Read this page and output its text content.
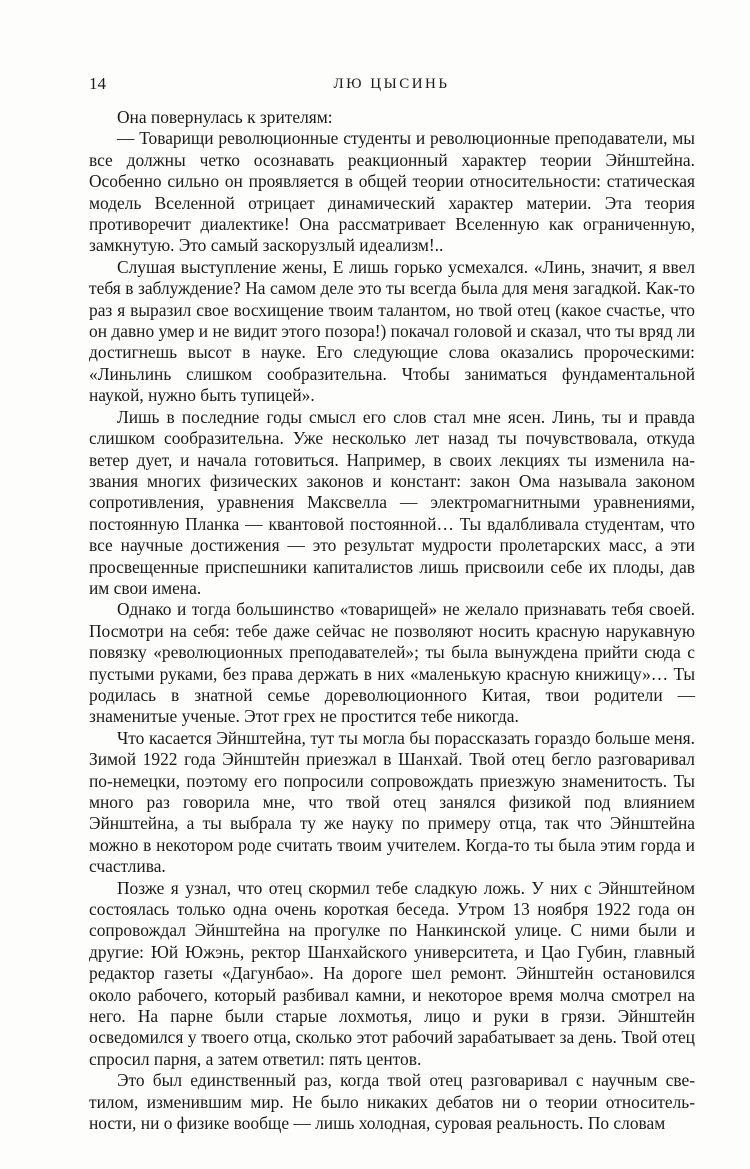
14	ЛЮ ЦЫСИНЬ

Она повернулась к зрителям:

— Товарищи революционные студенты и революционные преподаватели, мы все должны четко осознавать реакционный характер теории Эйнштейна. Особенно сильно он проявляется в общей теории относительности: статическая модель Вселенной отрицает динамический характер материи. Эта теория противоречит диалектике! Она рассматривает Вселенную как ограниченную, замкнутую. Это самый заскорузлый идеализм!..

Слушая выступление жены, Е лишь горько усмехался. «Линь, значит, я ввел тебя в заблуждение? На самом деле это ты всегда была для меня загадкой. Как-то раз я выразил свое восхищение твоим талантом, но твой отец (какое счастье, что он давно умер и не видит этого позора!) покачал головой и сказал, что ты вряд ли достигнешь высот в науке. Его следующие слова оказались пророческими: «Линьлинь слишком сообразительна. Чтобы заниматься фундаментальной наукой, нужно быть тупицей».

Лишь в последние годы смысл его слов стал мне ясен. Линь, ты и правда слишком сообразительна. Уже несколько лет назад ты почувствовала, откуда ветер дует, и начала готовиться. Например, в своих лекциях ты изменила названия многих физических законов и констант: закон Ома называла законом сопротивления, уравнения Максвелла — электромагнитными уравнениями, постоянную Планка — квантовой постоянной… Ты вдалбливала студентам, что все научные достижения — это результат мудрости пролетарских масс, а эти просвещенные приспешники капиталистов лишь присвоили себе их плоды, дав им свои имена.

Однако и тогда большинство «товарищей» не желало признавать тебя своей. Посмотри на себя: тебе даже сейчас не позволяют носить красную нарукавную повязку «революционных преподавателей»; ты была вынуждена прийти сюда с пустыми руками, без права держать в них «маленькую красную книжицу»… Ты родилась в знатной семье дореволюционного Китая, твои родители — знаменитые ученые. Этот грех не простится тебе никогда.

Что касается Эйнштейна, тут ты могла бы порассказать гораздо больше меня. Зимой 1922 года Эйнштейн приезжал в Шанхай. Твой отец бегло разговаривал по-немецки, поэтому его попросили сопровождать приезжую знаменитость. Ты много раз говорила мне, что твой отец занялся физикой под влиянием Эйнштейна, а ты выбрала ту же науку по примеру отца, так что Эйнштейна можно в некотором роде считать твоим учителем. Когда-то ты была этим горда и счастлива.

Позже я узнал, что отец скормил тебе сладкую ложь. У них с Эйнштейном состоялась только одна очень короткая беседа. Утром 13 ноября 1922 года он сопровождал Эйнштейна на прогулке по Нанкинской улице. С ними были и другие: Юй Южэнь, ректор Шанхайского университета, и Цао Губин, главный редактор газеты «Дагунбао». На дороге шел ремонт. Эйнштейн остановился около рабочего, который разбивал камни, и некоторое время молча смотрел на него. На парне были старые лохмотья, лицо и руки в грязи. Эйнштейн осведомился у твоего отца, сколько этот рабочий зарабатывает за день. Твой отец спросил парня, а затем ответил: пять центов.

Это был единственный раз, когда твой отец разговаривал с научным светилом, изменившим мир. Не было никаких дебатов ни о теории относительности, ни о физике вообще — лишь холодная, суровая реальность. По словам
